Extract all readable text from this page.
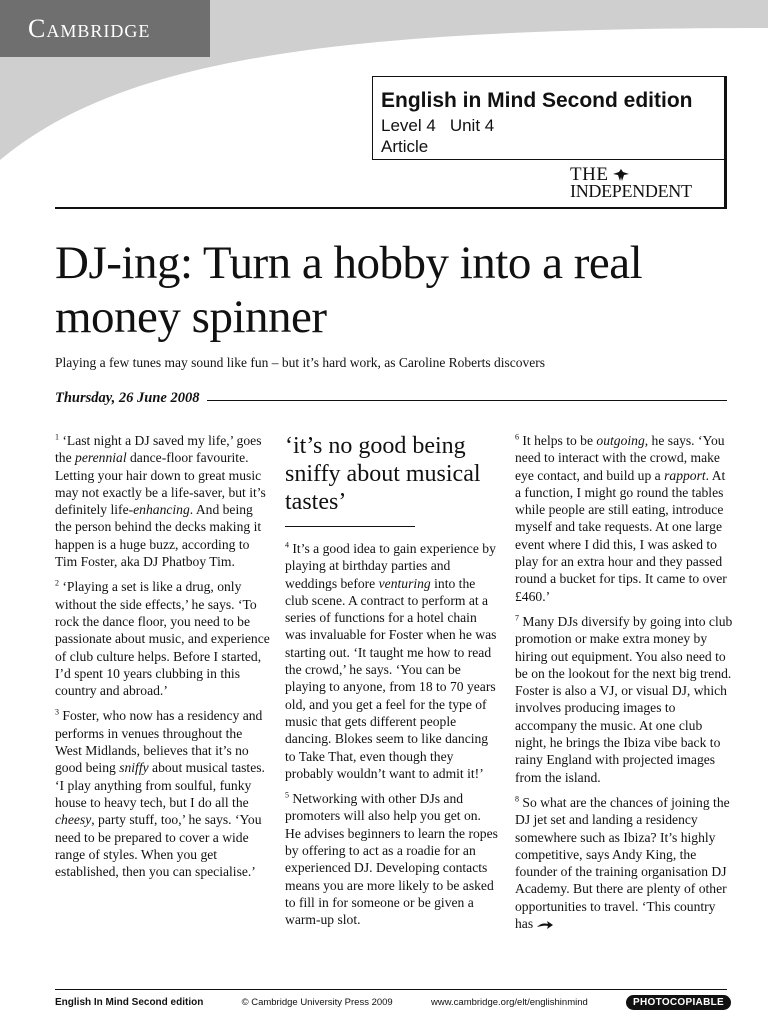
Cambridge
English in Mind Second edition
Level 4 Unit 4
Article
THE
INDEPENDENT
DJ-ing: Turn a hobby into a real
money spinner

Playing a few tunes may sound like fun – but it’s hard work, as Caroline Roberts discovers

Thursday, 26 June 2008

$^1$ ‘Last night a DJ saved my life,’ goes the perennial dance-floor favourite. Letting your hair down to great music may not exactly be a life-saver, but it’s definitely life-enhancing. And being the person behind the decks making it happen is a huge buzz, according to Tim Foster, aka DJ Phatboy Tim.

$^2$ ‘Playing a set is like a drug, only without the side effects,’ he says. ‘To rock the dance floor, you need to be passionate about music, and experience of club culture helps. Before I started, I’d spent 10 years clubbing in this country and abroad.’

$^3$ Foster, who now has a residency and performs in venues throughout the West Midlands, believes that it’s no good being sniffy about musical tastes. ‘I play anything from soulful, funky house to heavy tech, but I do all the cheesy, party stuff, too,’ he says. ‘You need to be prepared to cover a wide range of styles. When you get established, then you can specialise.’

‘it’s no good being sniffy about musical tastes’

$^4$ It’s a good idea to gain experience by playing at birthday parties and weddings before venturing into the club scene. A contract to perform at a series of functions for a hotel chain was invaluable for Foster when he was starting out. ‘It taught me how to read the crowd,’ he says. ‘You can be playing to anyone, from 18 to 70 years old, and you get a feel for the type of music that gets different people dancing. Blokes seem to like dancing to Take That, even though they probably wouldn’t want to admit it!’

$^5$ Networking with other DJs and promoters will also help you get on. He advises beginners to learn the ropes by offering to act as a roadie for an experienced DJ. Developing contacts means you are more likely to be asked to fill in for someone or be given a warm-up slot.

$^6$ It helps to be outgoing, he says. ‘You need to interact with the crowd, make eye contact, and build up a rapport. At a function, I might go round the tables while people are still eating, introduce myself and take requests. At one large event where I did this, I was asked to play for an extra hour and they passed round a bucket for tips. It came to over £460.’

$^7$ Many DJs diversify by going into club promotion or make extra money by hiring out equipment. You also need to be on the lookout for the next big trend. Foster is also a VJ, or visual DJ, which involves producing images to accompany the music. At one club night, he brings the Ibiza vibe back to rainy England with projected images from the island.

$^8$ So what are the chances of joining the DJ jet set and landing a residency somewhere such as Ibiza? It’s highly competitive, says Andy King, the founder of the training organisation DJ Academy. But there are plenty of other opportunities to travel. ‘This country has

English In Mind Second edition	© Cambridge University Press 2009	www.cambridge.org/elt/englishinmind	PHOTOCOPIABLE
